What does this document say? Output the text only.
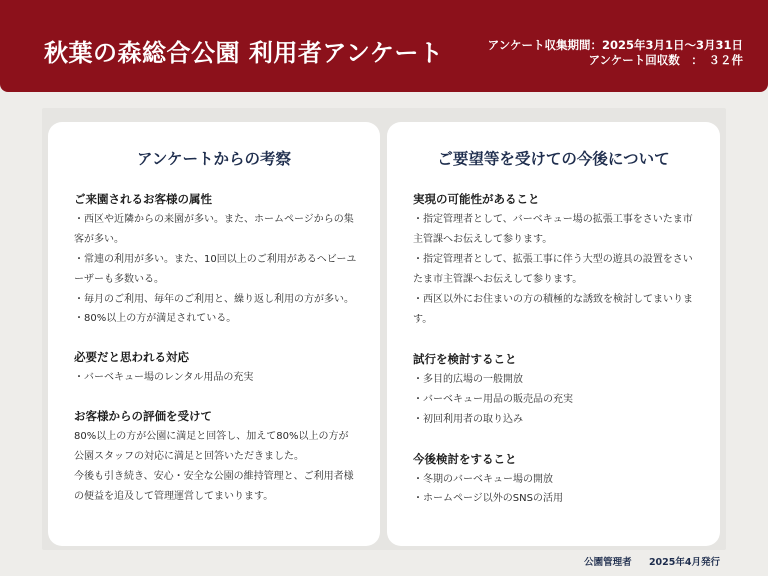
秋葉の森総合公園 利用者アンケート	アンケート収集期間：2025年3月1日〜3月31日
アンケート回収数　：　３２件
アンケートからの考察
ご来園されるお客様の属性
・西区や近隣からの来園が多い。また、ホームページからの集客が多い。
・常連の利用が多い。また、10回以上のご利用があるヘビーユーザーも多数いる。
・毎月のご利用、毎年のご利用と、繰り返し利用の方が多い。
・80%以上の方が満足されている。
必要だと思われる対応
・バーベキュー場のレンタル用品の充実
お客様からの評価を受けて
80%以上の方が公園に満足と回答し、加えて80%以上の方が公園スタッフの対応に満足と回答いただきました。
今後も引き続き、安心・安全な公園の維持管理と、ご利用者様の便益を追及して管理運営してまいります。
ご要望等を受けての今後について
実現の可能性があること
・指定管理者として、バーベキュー場の拡張工事をさいたま市主管課へお伝えして参ります。
・指定管理者として、拡張工事に伴う大型の遊具の設置をさいたま市主管課へお伝えして参ります。
・西区以外にお住まいの方の積極的な誘致を検討してまいります。
試行を検討すること
・多目的広場の一般開放
・バーベキュー用品の販売品の充実
・初回利用者の取り込み
今後検討をすること
・冬期のバーベキュー場の開放
・ホームページ以外のSNSの活用
公園管理者 2025年4月発行
